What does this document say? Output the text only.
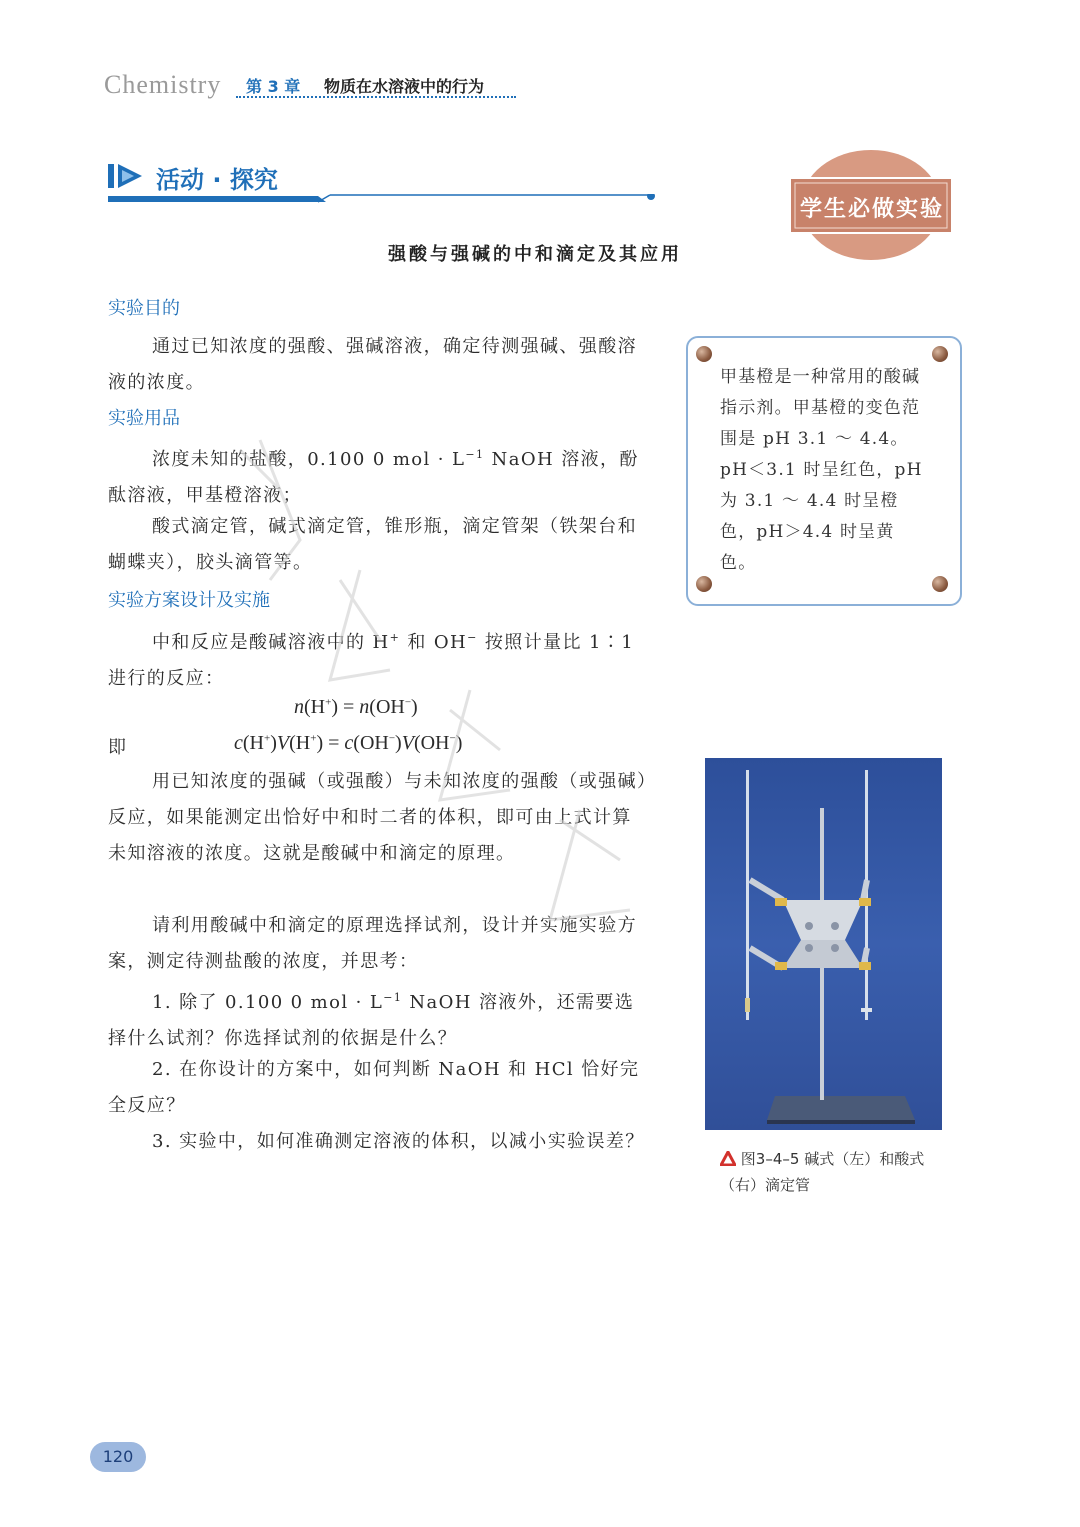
Chemistry 第 3 章 物质在水溶液中的行为
活动 · 探究
学生必做实验
强酸与强碱的中和滴定及其应用
实验目的
通过已知浓度的强酸、强碱溶液，确定待测强碱、强酸溶液的浓度。
实验用品
浓度未知的盐酸，0.100 0 mol · $L^{-1}$ NaOH 溶液，酚酞溶液，甲基橙溶液；
酸式滴定管，碱式滴定管，锥形瓶，滴定管架（铁架台和蝴蝶夹），胶头滴管等。
实验方案设计及实施
中和反应是酸碱溶液中的 H+ 和 OH− 按照计量比 1∶1 进行的反应：
n(H+) = n(OH−)
即	c(H+)V(H+) = c(OH−)V(OH−)
用已知浓度的强碱（或强酸）与未知浓度的强酸（或强碱）反应，如果能测定出恰好中和时二者的体积，即可由上式计算未知溶液的浓度。这就是酸碱中和滴定的原理。
请利用酸碱中和滴定的原理选择试剂，设计并实施实验方案，测定待测盐酸的浓度，并思考：
1. 除了 0.100 0 mol · $L^{-1}$ NaOH 溶液外，还需要选择什么试剂？你选择试剂的依据是什么？
2. 在你设计的方案中，如何判断 NaOH 和 HCl 恰好完全反应？
3. 实验中，如何准确测定溶液的体积，以减小实验误差？
甲基橙是一种常用的酸碱指示剂。甲基橙的变色范围是 pH 3.1 ～ 4.4。pH＜3.1 时呈红色，pH 为 3.1 ～ 4.4 时呈橙色，pH＞4.4 时呈黄色。
图3–4–5 碱式（左）和酸式（右）滴定管
120
